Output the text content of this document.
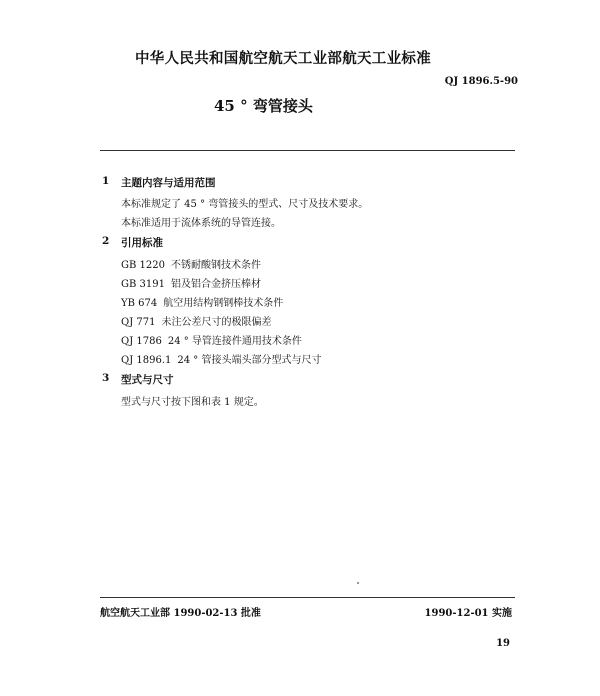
中华人民共和国航空航天工业部航天工业标准
QJ 1896.5-90
45 ° 弯管接头
1 主题内容与适用范围
本标准规定了 45 ° 弯管接头的型式、尺寸及技术要求。
本标准适用于流体系统的导管连接。
2 引用标准
GB 1220 不锈耐酸钢技术条件
GB 3191 铝及铝合金挤压棒材
YB 674 航空用结构钢钢棒技术条件
QJ 771 未注公差尺寸的极限偏差
QJ 1786 24 ° 导管连接件通用技术条件
QJ 1896.1 24 ° 管接头端头部分型式与尺寸
3 型式与尺寸
型式与尺寸按下图和表 1 规定。
航空航天工业部 1990-02-13 批准	1990-12-01 实施
19
